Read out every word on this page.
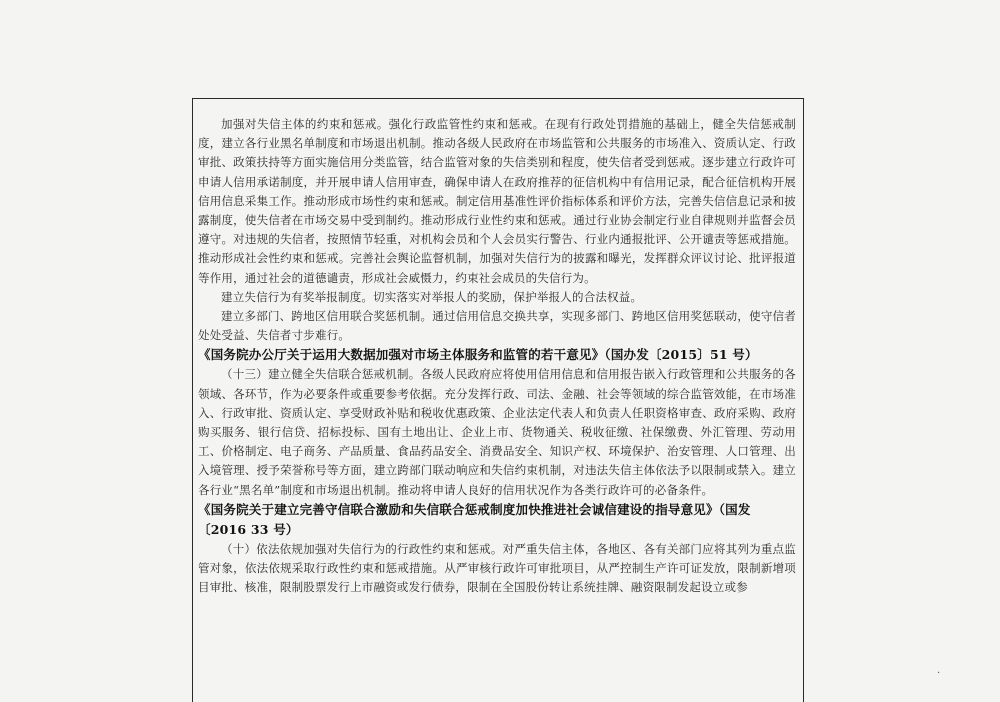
加强对失信主体的约束和惩戒。强化行政监管性约束和惩戒。在现有行政处罚措施的基础上，健全失信惩戒制度，建立各行业黑名单制度和市场退出机制。推动各级人民政府在市场监管和公共服务的市场准入、资质认定、行政审批、政策扶持等方面实施信用分类监管，结合监管对象的失信类别和程度，使失信者受到惩戒。逐步建立行政许可申请人信用承诺制度，并开展申请人信用审查，确保申请人在政府推荐的征信机构中有信用记录，配合征信机构开展信用信息采集工作。推动形成市场性约束和惩戒。制定信用基准性评价指标体系和评价方法，完善失信信息记录和披露制度，使失信者在市场交易中受到制约。推动形成行业性约束和惩戒。通过行业协会制定行业自律规则并监督会员遵守。对违规的失信者，按照情节轻重，对机构会员和个人会员实行警告、行业内通报批评、公开谴责等惩戒措施。推动形成社会性约束和惩戒。完善社会舆论监督机制，加强对失信行为的披露和曝光，发挥群众评议讨论、批评报道等作用，通过社会的道德谴责，形成社会威慑力，约束社会成员的失信行为。

建立失信行为有奖举报制度。切实落实对举报人的奖励，保护举报人的合法权益。

建立多部门、跨地区信用联合奖惩机制。通过信用信息交换共享，实现多部门、跨地区信用奖惩联动，使守信者处处受益、失信者寸步难行。

《国务院办公厅关于运用大数据加强对市场主体服务和监管的若干意见》（国办发〔2015〕51 号）

（十三）建立健全失信联合惩戒机制。各级人民政府应将使用信用信息和信用报告嵌入行政管理和公共服务的各领域、各环节，作为必要条件或重要参考依据。充分发挥行政、司法、金融、社会等领域的综合监管效能，在市场准入、行政审批、资质认定、享受财政补贴和税收优惠政策、企业法定代表人和负责人任职资格审查、政府采购、政府购买服务、银行信贷、招标投标、国有土地出让、企业上市、货物通关、税收征缴、社保缴费、外汇管理、劳动用工、价格制定、电子商务、产品质量、食品药品安全、消费品安全、知识产权、环境保护、治安管理、人口管理、出入境管理、授予荣誉称号等方面，建立跨部门联动响应和失信约束机制，对违法失信主体依法予以限制或禁入。建立各行业“黑名单”制度和市场退出机制。推动将申请人良好的信用状况作为各类行政许可的必备条件。

《国务院关于建立完善守信联合激励和失信联合惩戒制度加快推进社会诚信建设的指导意见》（国发〔2016 33 号）

（十）依法依规加强对失信行为的行政性约束和惩戒。对严重失信主体，各地区、各有关部门应将其列为重点监管对象，依法依规采取行政性约束和惩戒措施。从严审核行政许可审批项目，从严控制生产许可证发放，限制新增项目审批、核准，限制股票发行上市融资或发行债券，限制在全国股份转让系统挂牌、融资限制发起设立或参

·
